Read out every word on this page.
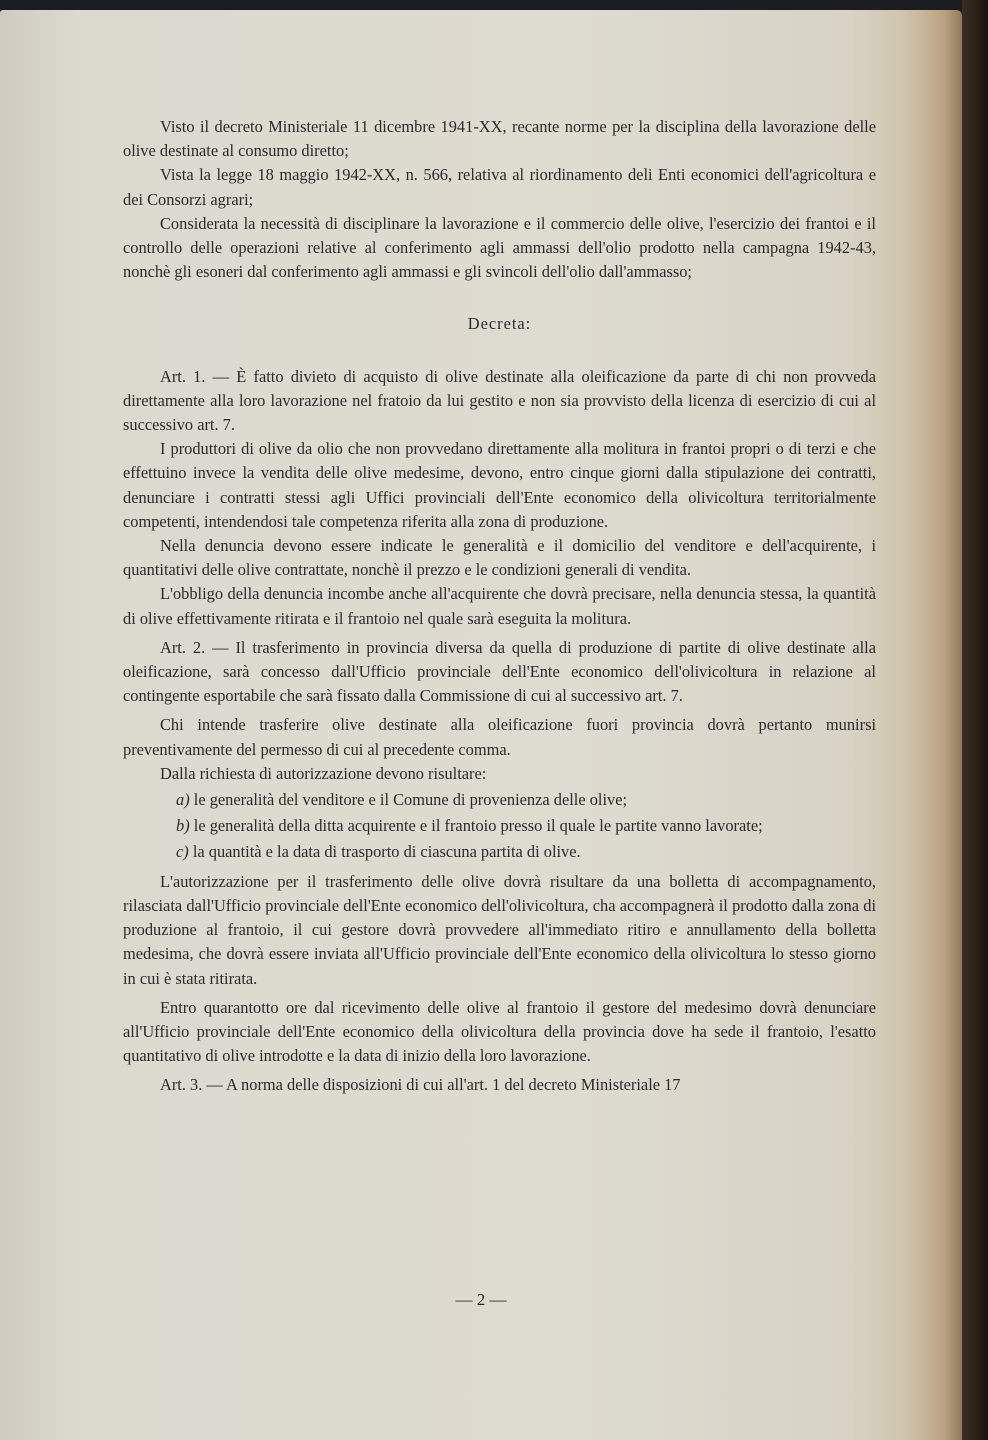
Visto il decreto Ministeriale 11 dicembre 1941-XX, recante norme per la disciplina della lavorazione delle olive destinate al consumo diretto;

Vista la legge 18 maggio 1942-XX, n. 566, relativa al riordinamento deli Enti economici dell'agricoltura e dei Consorzi agrari;

Considerata la necessità di disciplinare la lavorazione e il commercio delle olive, l'esercizio dei frantoi e il controllo delle operazioni relative al conferimento agli ammassi dell'olio prodotto nella campagna 1942-43, nonchè gli esoneri dal conferimento agli ammassi e gli svincoli dell'olio dall'ammasso;

Decreta:

Art. 1. — È fatto divieto di acquisto di olive destinate alla oleificazione da parte di chi non provveda direttamente alla loro lavorazione nel fratoio da lui gestito e non sia provvisto della licenza di esercizio di cui al successivo art. 7.

I produttori di olive da olio che non provvedano direttamente alla molitura in frantoi propri o di terzi e che effettuino invece la vendita delle olive medesime, devono, entro cinque giorni dalla stipulazione dei contratti, denunciare i contratti stessi agli Uffici provinciali dell'Ente economico della olivicoltura territorialmente competenti, intendendosi tale competenza riferita alla zona di produzione.

Nella denuncia devono essere indicate le generalità e il domicilio del venditore e dell'acquirente, i quantitativi delle olive contrattate, nonchè il prezzo e le condizioni generali di vendita.

L'obbligo della denuncia incombe anche all'acquirente che dovrà precisare, nella denuncia stessa, la quantità di olive effettivamente ritirata e il frantoio nel quale sarà eseguita la molitura.

Art. 2. — Il trasferimento in provincia diversa da quella di produzione di partite di olive destinate alla oleificazione, sarà concesso dall'Ufficio provinciale dell'Ente economico dell'olivicoltura in relazione al contingente esportabile che sarà fissato dalla Commissione di cui al successivo art. 7.

Chi intende trasferire olive destinate alla oleificazione fuori provincia dovrà pertanto munirsi preventivamente del permesso di cui al precedente comma.

Dalla richiesta di autorizzazione devono risultare:

a) le generalità del venditore e il Comune di provenienza delle olive;

b) le generalità della ditta acquirente e il frantoio presso il quale le partite vanno lavorate;

c) la quantità e la data di trasporto di ciascuna partita di olive.

L'autorizzazione per il trasferimento delle olive dovrà risultare da una bolletta di accompagnamento, rilasciata dall'Ufficio provinciale dell'Ente economico dell'olivicoltura, cha accompagnerà il prodotto dalla zona di produzione al frantoio, il cui gestore dovrà provvedere all'immediato ritiro e annullamento della bolletta medesima, che dovrà essere inviata all'Ufficio provinciale dell'Ente economico della olivicoltura lo stesso giorno in cui è stata ritirata.

Entro quarantotto ore dal ricevimento delle olive al frantoio il gestore del medesimo dovrà denunciare all'Ufficio provinciale dell'Ente economico della olivicoltura della provincia dove ha sede il frantoio, l'esatto quantitativo di olive introdotte e la data di inizio della loro lavorazione.

Art. 3. — A norma delle disposizioni di cui all'art. 1 del decreto Ministeriale 17

— 2 —
